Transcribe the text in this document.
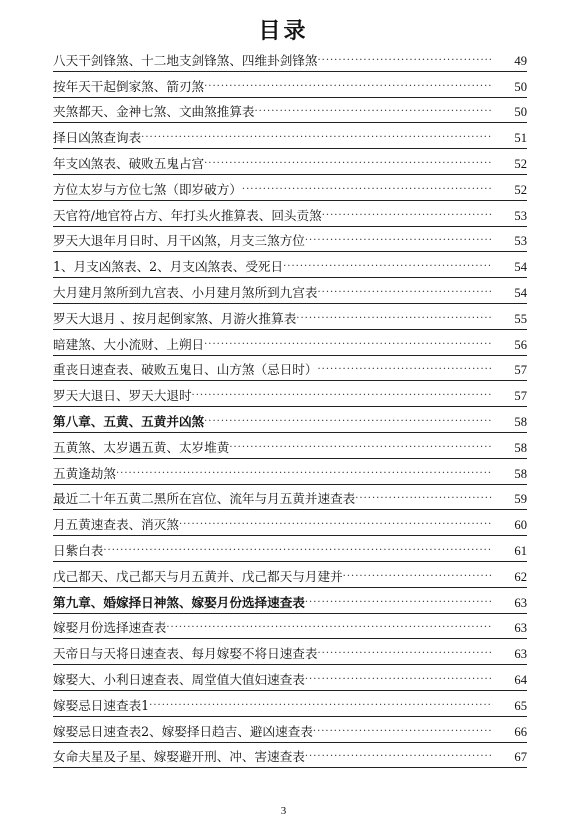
目录
八天干剑锋煞、十二地支剑锋煞、四维卦剑锋煞 ·····	49
按年天干起倒家煞、箭刃煞 ·····	50
夹煞都天、金神七煞、文曲煞推算表 ·····	50
择日凶煞查询表 ·····	51
年支凶煞表、破败五鬼占宫 ·····	52
方位太岁与方位七煞（即岁破方） ·····	52
天官符/地官符占方、年打头火推算表、回头贡煞 ·····	53
罗天大退年月日时、月干凶煞，月支三煞方位 ·····	53
1、月支凶煞表、2、月支凶煞表、受死日 ·····	54
大月建月煞所到九宫表、小月建月煞所到九宫表 ·····	54
罗天大退月 、按月起倒家煞、月游火推算表 ·····	55
暗建煞、大小流财、上朔日 ·····	56
重丧日速查表、破败五鬼日、山方煞（忌日时） ·····	57
罗天大退日、罗天大退时 ·····	57
第八章、五黄、五黄并凶煞 ·····	58
五黄煞、太岁遇五黄、太岁堆黄 ·····	58
五黄逢劫煞 ·····	58
最近二十年五黄二黑所在宫位、流年与月五黄并速查表 ·····	59
月五黄速查表、消灭煞 ·····	60
日紫白表 ·····	61
戊己都天、戊己都天与月五黄并、戊己都天与月建并 ·····	62
第九章、婚嫁择日神煞、嫁娶月份选择速查表 ·····	63
嫁娶月份选择速查表 ·····	63
天帝日与天将日速查表、每月嫁娶不将日速查表 ·····	63
嫁娶大、小利日速查表、周堂值大值妇速查表 ·····	64
嫁娶忌日速查表1 ·····	65
嫁娶忌日速查表2、嫁娶择日趋吉、避凶速查表 ·····	66
女命夫星及子星、嫁娶避开刑、冲、害速查表 ·····	67
3
